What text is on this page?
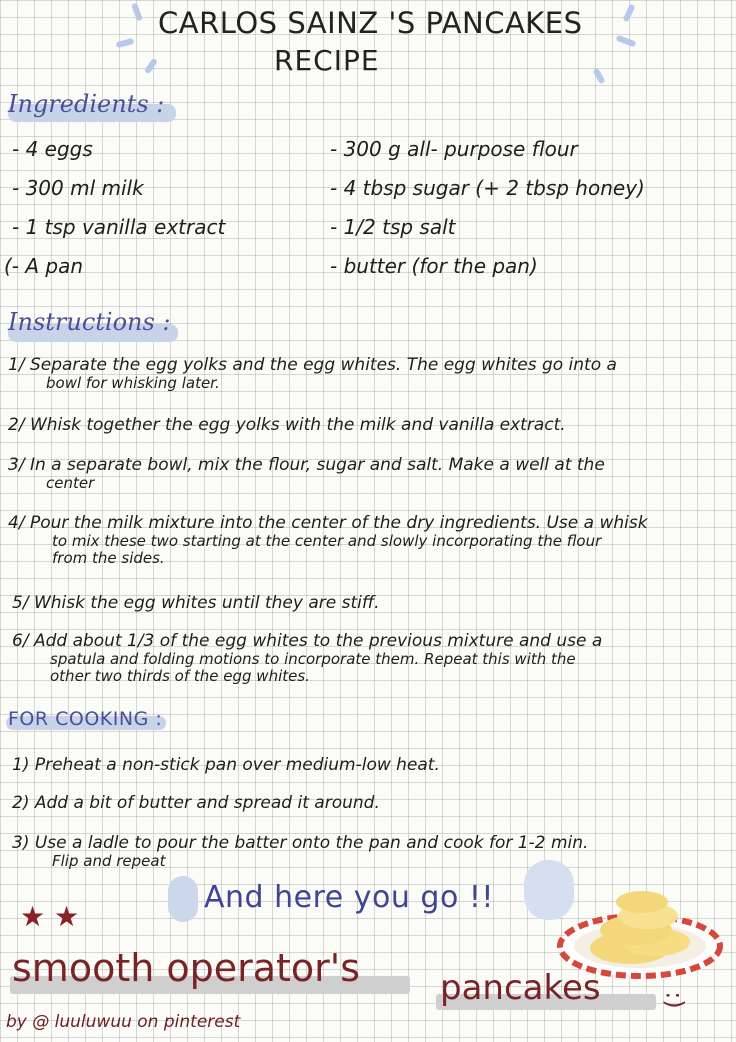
CARLOS SAINZ 'S PANCAKES
RECIPE
Ingredients :
- 4 eggs
- 300 ml milk
- 1 tsp vanilla extract
(- A pan
- 300 g all- purpose flour
- 4 tbsp sugar (+ 2 tbsp honey)
- 1/2 tsp salt
- butter (for the pan)
Instructions :
1/ Separate the egg yolks and the egg whites. The egg whites go into a
bowl for whisking later.
2/ Whisk together the egg yolks with the milk and vanilla extract.
3/ In a separate bowl, mix the flour, sugar and salt. Make a well at the
center
4/ Pour the milk mixture into the center of the dry ingredients. Use a whisk
to mix these two starting at the center and slowly incorporating the flour
from the sides.
5/ Whisk the egg whites until they are stiff.
6/ Add about 1/3 of the egg whites to the previous mixture and use a
spatula and folding motions to incorporate them. Repeat this with the
other two thirds of the egg whites.
FOR COOKING :
1) Preheat a non-stick pan over medium-low heat.
2) Add a bit of butter and spread it around.
3) Use a ladle to pour the batter onto the pan and cook for 1-2 min.
Flip and repeat
And here you go !!
★ ★
smooth operator's pancakes	:)
by @ luuluwuu on pinterest
